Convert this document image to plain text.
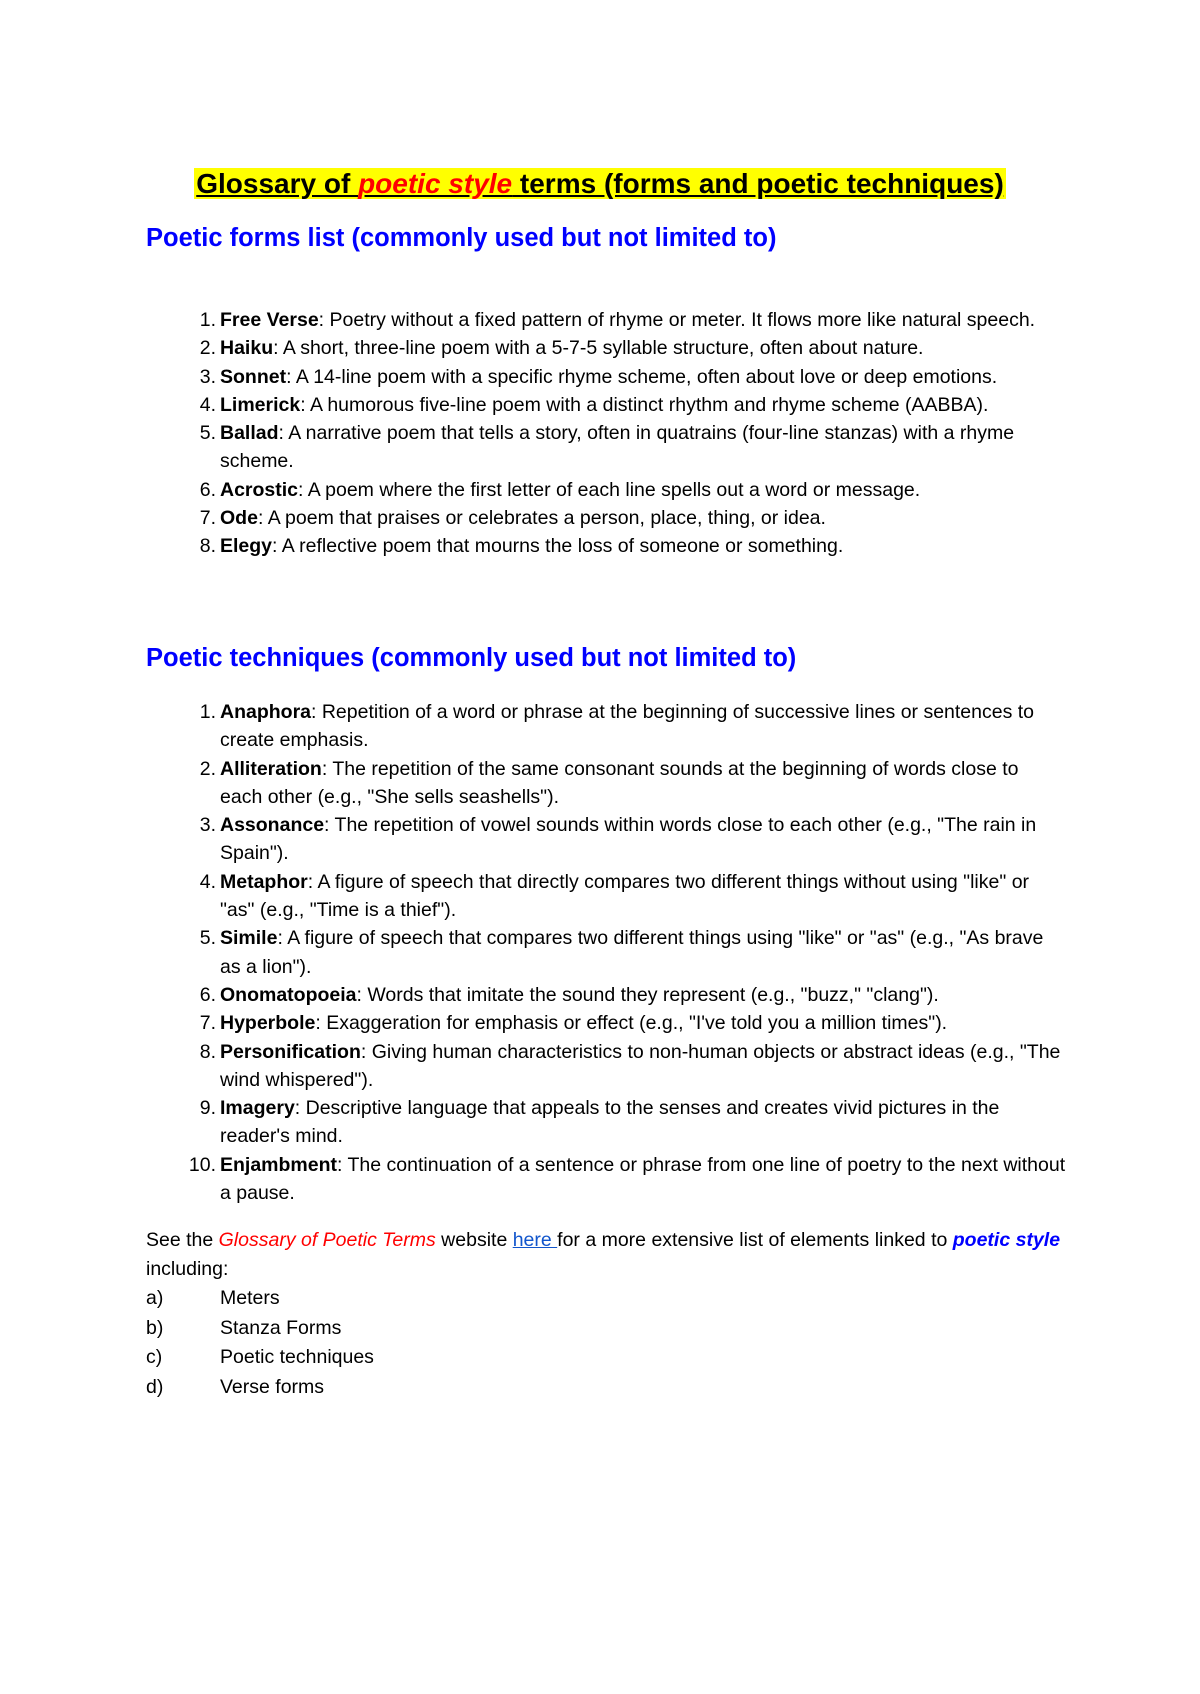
Glossary of poetic style terms (forms and poetic techniques)
Poetic forms list (commonly used but not limited to)
1. Free Verse: Poetry without a fixed pattern of rhyme or meter. It flows more like natural speech.
2. Haiku: A short, three-line poem with a 5-7-5 syllable structure, often about nature.
3. Sonnet: A 14-line poem with a specific rhyme scheme, often about love or deep emotions.
4. Limerick: A humorous five-line poem with a distinct rhythm and rhyme scheme (AABBA).
5. Ballad: A narrative poem that tells a story, often in quatrains (four-line stanzas) with a rhyme scheme.
6. Acrostic: A poem where the first letter of each line spells out a word or message.
7. Ode: A poem that praises or celebrates a person, place, thing, or idea.
8. Elegy: A reflective poem that mourns the loss of someone or something.
Poetic techniques (commonly used but not limited to)
1. Anaphora: Repetition of a word or phrase at the beginning of successive lines or sentences to create emphasis.
2. Alliteration: The repetition of the same consonant sounds at the beginning of words close to each other (e.g., "She sells seashells").
3. Assonance: The repetition of vowel sounds within words close to each other (e.g., "The rain in Spain").
4. Metaphor: A figure of speech that directly compares two different things without using "like" or "as" (e.g., "Time is a thief").
5. Simile: A figure of speech that compares two different things using "like" or "as" (e.g., "As brave as a lion").
6. Onomatopoeia: Words that imitate the sound they represent (e.g., "buzz," "clang").
7. Hyperbole: Exaggeration for emphasis or effect (e.g., "I've told you a million times").
8. Personification: Giving human characteristics to non-human objects or abstract ideas (e.g., "The wind whispered").
9. Imagery: Descriptive language that appeals to the senses and creates vivid pictures in the reader's mind.
10. Enjambment: The continuation of a sentence or phrase from one line of poetry to the next without a pause.

See the Glossary of Poetic Terms website here for a more extensive list of elements linked to poetic style including:

a)	Meters
b)	Stanza Forms
c)	Poetic techniques
d)	Verse forms
